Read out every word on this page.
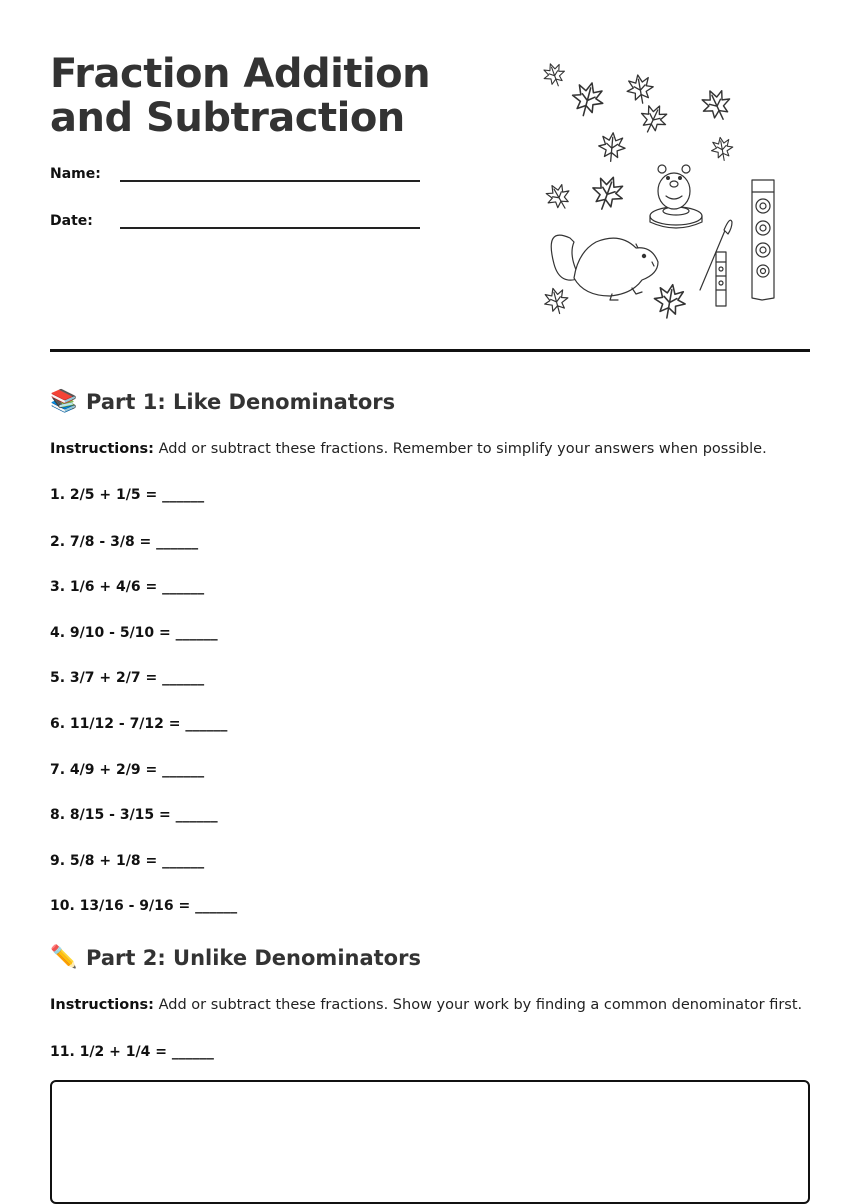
Fraction Addition and Subtraction
Name:
Date:
📚 Part 1: Like Denominators
Instructions: Add or subtract these fractions. Remember to simplify your answers when possible.
1. 2/5 + 1/5 = ______
2. 7/8 - 3/8 = ______
3. 1/6 + 4/6 = ______
4. 9/10 - 5/10 = ______
5. 3/7 + 2/7 = ______
6. 11/12 - 7/12 = ______
7. 4/9 + 2/9 = ______
8. 8/15 - 3/15 = ______
9. 5/8 + 1/8 = ______
10. 13/16 - 9/16 = ______
✏️ Part 2: Unlike Denominators
Instructions: Add or subtract these fractions. Show your work by finding a common denominator first.
11. 1/2 + 1/4 = ______
